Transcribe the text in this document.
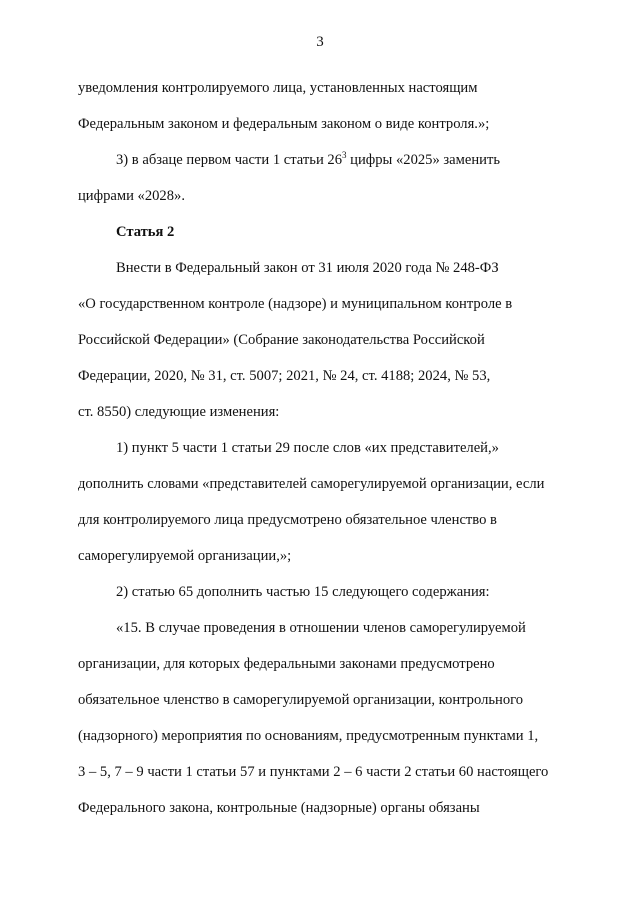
3
уведомления контролируемого лица, установленных настоящим
Федеральным законом и федеральным законом о виде контроля.»;
3) в абзаце первом части 1 статьи $26^3$ цифры «2025» заменить
цифрами «2028».
Статья 2
Внести в Федеральный закон от 31 июля 2020 года № 248-ФЗ
«О государственном контроле (надзоре) и муниципальном контроле в
Российской Федерации» (Собрание законодательства Российской
Федерации, 2020, № 31, ст. 5007; 2021, № 24, ст. 4188; 2024, № 53,
ст. 8550) следующие изменения:
1) пункт 5 части 1 статьи 29 после слов «их представителей,»
дополнить словами «представителей саморегулируемой организации, если
для контролируемого лица предусмотрено обязательное членство в
саморегулируемой организации,»;
2) статью 65 дополнить частью 15 следующего содержания:
«15. В случае проведения в отношении членов саморегулируемой
организации, для которых федеральными законами предусмотрено
обязательное членство в саморегулируемой организации, контрольного
(надзорного) мероприятия по основаниям, предусмотренным пунктами 1,
3 – 5, 7 – 9 части 1 статьи 57 и пунктами 2 – 6 части 2 статьи 60 настоящего
Федерального закона, контрольные (надзорные) органы обязаны
